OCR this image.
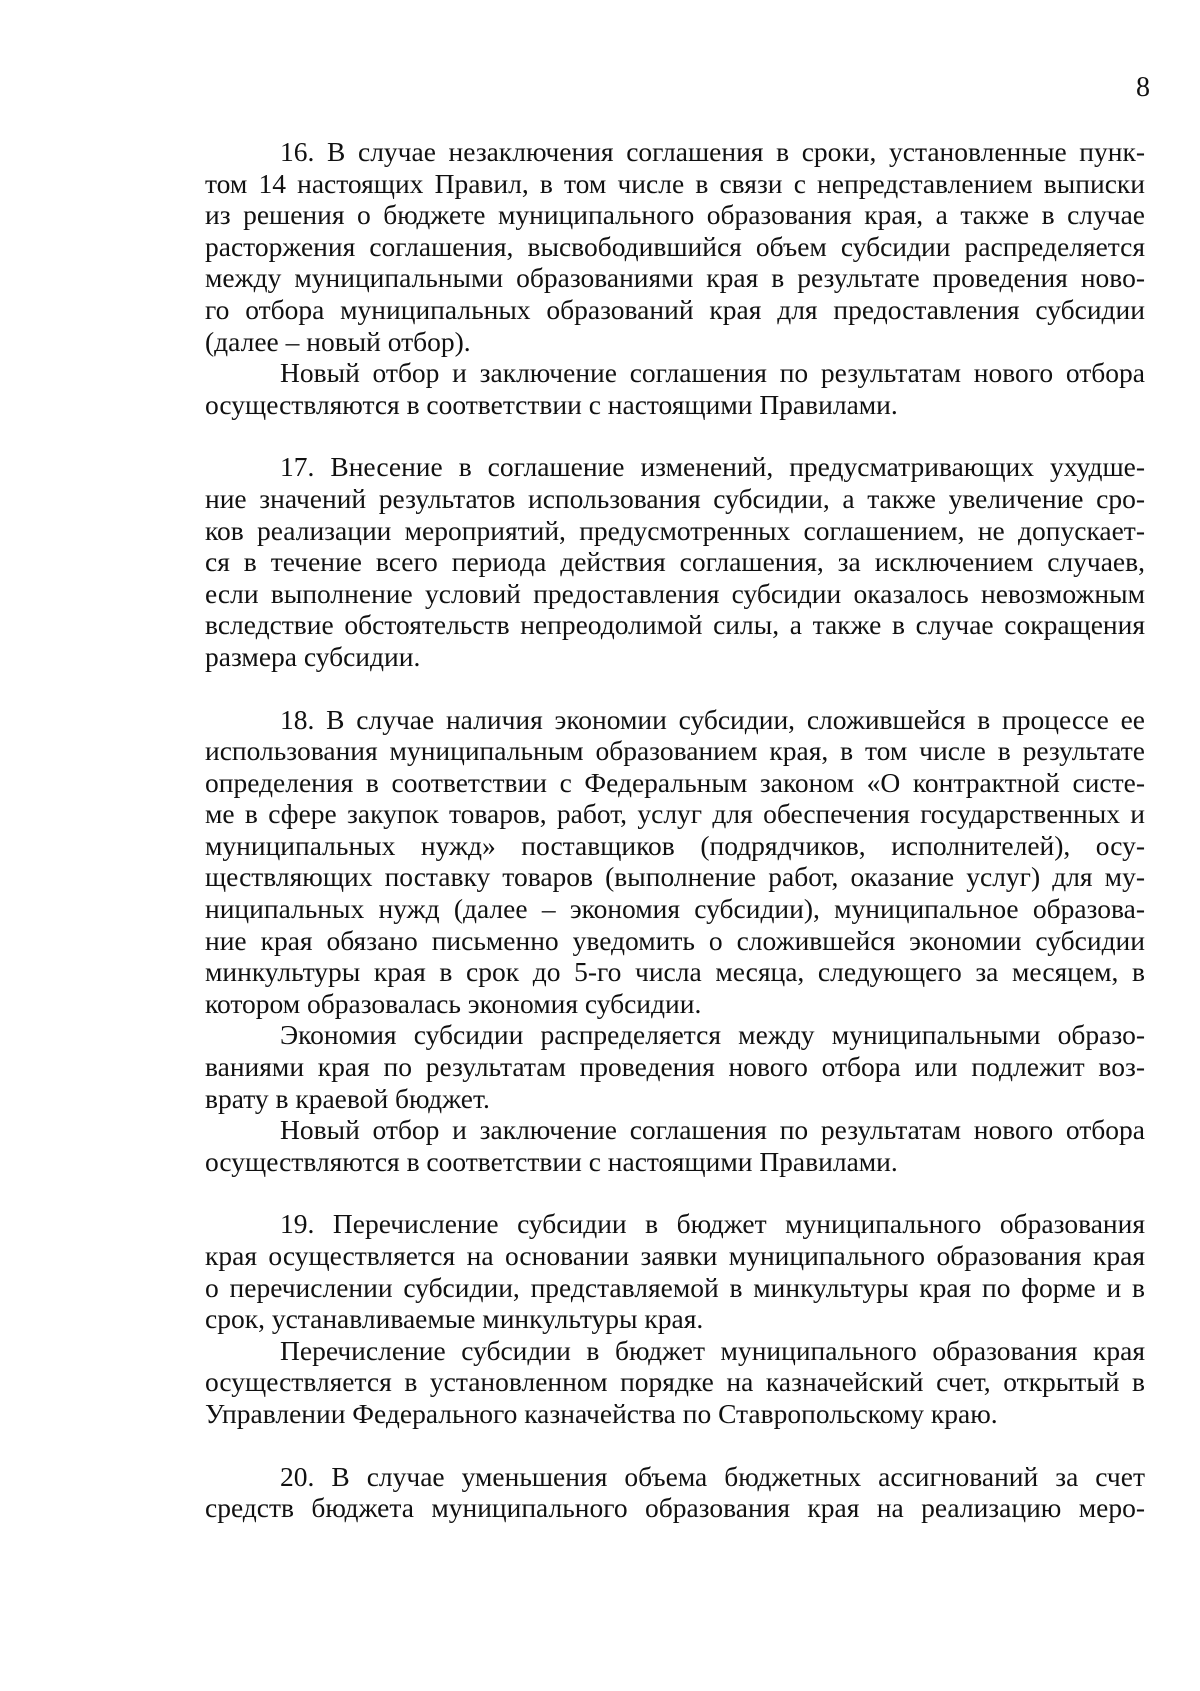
8
16. В случае незаключения соглашения в сроки, установленные пунк-
том 14 настоящих Правил, в том числе в связи с непредставлением выписки
из решения о бюджете муниципального образования края, а также в случае
расторжения соглашения, высвободившийся объем субсидии распределяется
между муниципальными образованиями края в результате проведения ново-
го отбора муниципальных образований края для предоставления субсидии
(далее – новый отбор).
Новый отбор и заключение соглашения по результатам нового отбора
осуществляются в соответствии с настоящими Правилами.
17. Внесение в соглашение изменений, предусматривающих ухудше-
ние значений результатов использования субсидии, а также увеличение сро-
ков реализации мероприятий, предусмотренных соглашением, не допускает-
ся в течение всего периода действия соглашения, за исключением случаев,
если выполнение условий предоставления субсидии оказалось невозможным
вследствие обстоятельств непреодолимой силы, а также в случае сокращения
размера субсидии.
18. В случае наличия экономии субсидии, сложившейся в процессе ее
использования муниципальным образованием края, в том числе в результате
определения в соответствии с Федеральным законом «О контрактной систе-
ме в сфере закупок товаров, работ, услуг для обеспечения государственных и
муниципальных нужд» поставщиков (подрядчиков, исполнителей), осу-
ществляющих поставку товаров (выполнение работ, оказание услуг) для му-
ниципальных нужд (далее – экономия субсидии), муниципальное образова-
ние края обязано письменно уведомить о сложившейся экономии субсидии
минкультуры края в срок до 5-го числа месяца, следующего за месяцем, в
котором образовалась экономия субсидии.
Экономия субсидии распределяется между муниципальными образо-
ваниями края по результатам проведения нового отбора или подлежит воз-
врату в краевой бюджет.
Новый отбор и заключение соглашения по результатам нового отбора
осуществляются в соответствии с настоящими Правилами.
19. Перечисление субсидии в бюджет муниципального образования
края осуществляется на основании заявки муниципального образования края
о перечислении субсидии, представляемой в минкультуры края по форме и в
срок, устанавливаемые минкультуры края.
Перечисление субсидии в бюджет муниципального образования края
осуществляется в установленном порядке на казначейский счет, открытый в
Управлении Федерального казначейства по Ставропольскому краю.
20. В случае уменьшения объема бюджетных ассигнований за счет
средств бюджета муниципального образования края на реализацию меро-
